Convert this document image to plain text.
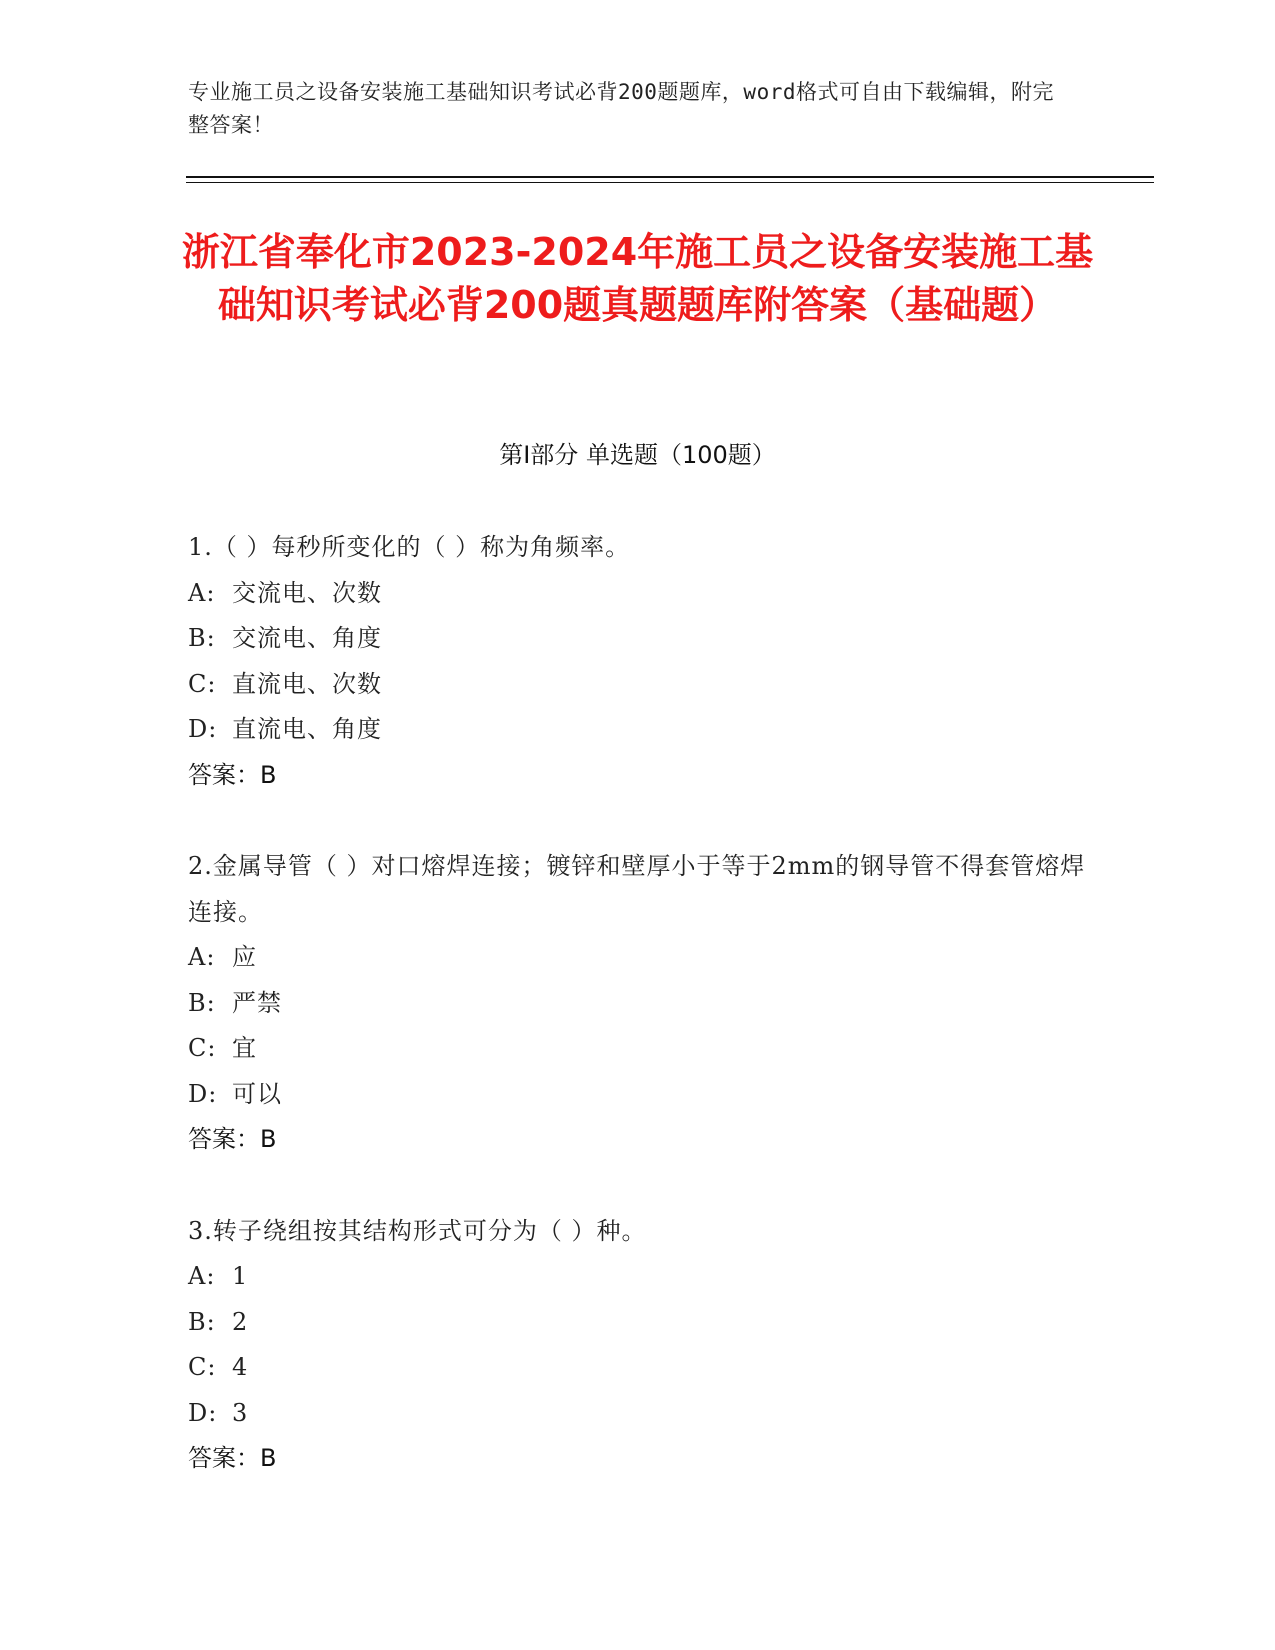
专业施工员之设备安装施工基础知识考试必背200题题库，word格式可自由下载编辑，附完整答案！
浙江省奉化市2023-2024年施工员之设备安装施工基础知识考试必背200题真题题库附答案（基础题）
第Ⅰ部分 单选题（100题）
1.（ ）每秒所变化的（ ）称为角频率。
A: 交流电、次数
B: 交流电、角度
C: 直流电、次数
D: 直流电、角度
答案：B
2.金属导管（ ）对口熔焊连接；镀锌和壁厚小于等于2mm的钢导管不得套管熔焊连接。
A: 应
B: 严禁
C: 宜
D: 可以
答案：B
3.转子绕组按其结构形式可分为（ ）种。
A: 1
B: 2
C: 4
D: 3
答案：B
